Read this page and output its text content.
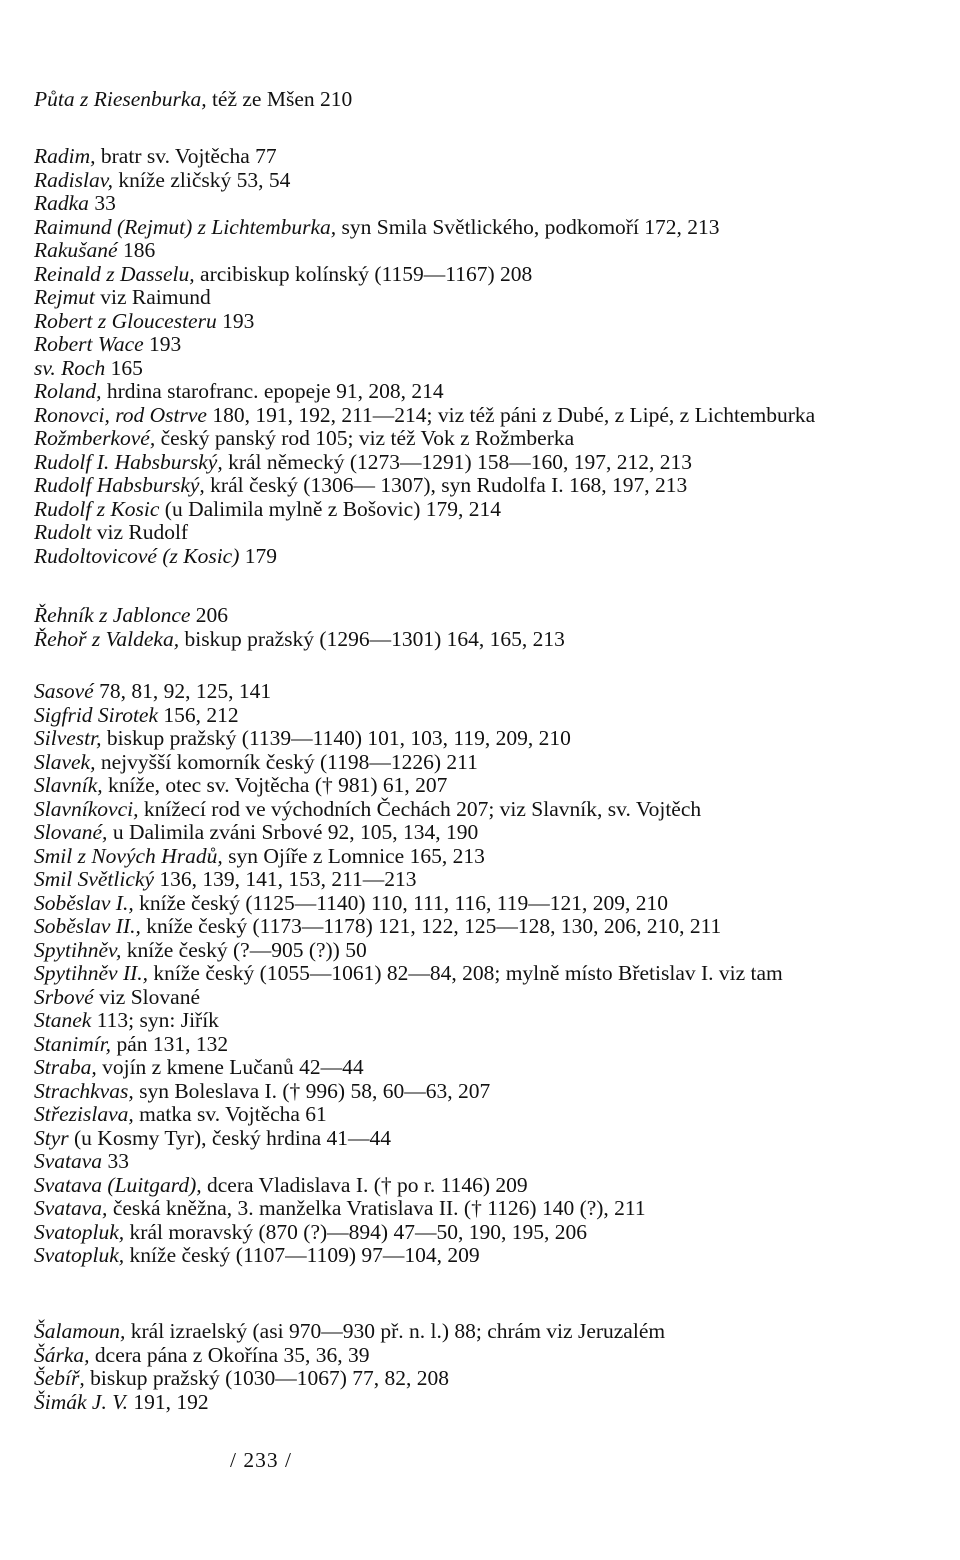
Půta z Riesenburka, též ze Mšen 210
Radim, bratr sv. Vojtěcha 77
Radislav, kníže zličský 53, 54
Radka 33
Raimund (Rejmut) z Lichtemburka, syn Smila Světlického, podkomoří 172, 213
Rakušané 186
Reinald z Dasselu, arcibiskup kolínský (1159—1167) 208
Rejmut viz Raimund
Robert z Gloucesteru 193
Robert Wace 193
sv. Roch 165
Roland, hrdina starofranc. epopeje 91, 208, 214
Ronovci, rod Ostrve 180, 191, 192, 211—214; viz též páni z Dubé, z Lipé, z Lichtemburka
Rožmberkové, český panský rod 105; viz též Vok z Rožmberka
Rudolf I. Habsburský, král německý (1273—1291) 158—160, 197, 212, 213
Rudolf Habsburský, král český (1306— 1307), syn Rudolfa I. 168, 197, 213
Rudolf z Kosic (u Dalimila mylně z Bošovic) 179, 214
Rudolt viz Rudolf
Rudoltovicové (z Kosic) 179
Řehník z Jablonce 206
Řehoř z Valdeka, biskup pražský (1296—1301) 164, 165, 213
Sasové 78, 81, 92, 125, 141
Sigfrid Sirotek 156, 212
Silvestr, biskup pražský (1139—1140) 101, 103, 119, 209, 210
Slavek, nejvyšší komorník český (1198—1226) 211
Slavník, kníže, otec sv. Vojtěcha († 981) 61, 207
Slavníkovci, knížecí rod ve východních Čechách 207; viz Slavník, sv. Vojtěch
Slované, u Dalimila zváni Srbové 92, 105, 134, 190
Smil z Nových Hradů, syn Ojíře z Lomnice 165, 213
Smil Světlický 136, 139, 141, 153, 211—213
Soběslav I., kníže český (1125—1140) 110, 111, 116, 119—121, 209, 210
Soběslav II., kníže český (1173—1178) 121, 122, 125—128, 130, 206, 210, 211
Spytihněv, kníže český (?—905 (?)) 50
Spytihněv II., kníže český (1055—1061) 82—84, 208; mylně místo Břetislav I. viz tam
Srbové viz Slované
Stanek 113; syn: Jiřík
Stanimír, pán 131, 132
Straba, vojín z kmene Lučanů 42—44
Strachkvas, syn Boleslava I. († 996) 58, 60—63, 207
Střezislava, matka sv. Vojtěcha 61
Styr (u Kosmy Tyr), český hrdina 41—44
Svatava 33
Svatava (Luitgard), dcera Vladislava I. († po r. 1146) 209
Svatava, česká kněžna, 3. manželka Vratislava II. († 1126) 140 (?), 211
Svatopluk, král moravský (870 (?)—894) 47—50, 190, 195, 206
Svatopluk, kníže český (1107—1109) 97—104, 209
Šalamoun, král izraelský (asi 970—930 př. n. l.) 88; chrám viz Jeruzalém
Šárka, dcera pána z Okořína 35, 36, 39
Šebíř, biskup pražský (1030—1067) 77, 82, 208
Šimák J. V. 191, 192
/ 233 /
